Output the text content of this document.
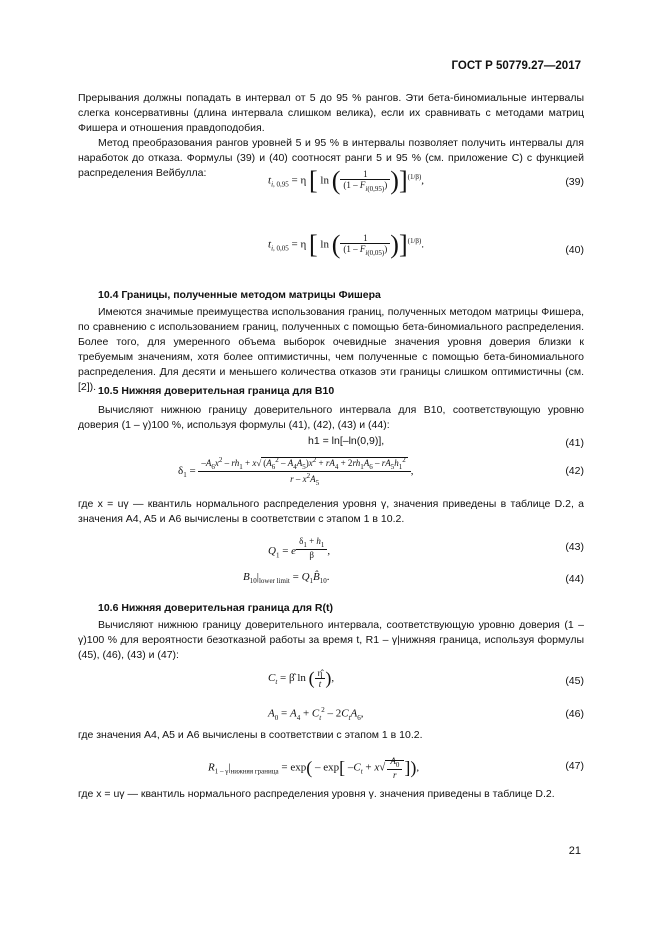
ГОСТ Р 50779.27—2017

Прерывания должны попадать в интервал от 5 до 95 % рангов. Эти бета-биномиальные интервалы слегка консервативны (длина интервала слишком велика), если их сравнивать с методами матриц Фишера и отношения правдоподобия.

Метод преобразования рангов уровней 5 и 95 % в интервалы позволяет получить интервалы для наработок до отказа. Формулы (39) и (40) соотносят ранги 5 и 95 % (см. приложение С) с функцией распределения Вейбулла:

$t_{i, 0,95} = \eta$ [ ln ( $\frac{1}{(1 - F_{i(0,95)})} )]^{(1/\beta)}$,	(39)
$t_{i, 0,05} = \eta$ [ ln ( $\frac{1}{(1 - F_{i(0,05)})} )]^{(1/\beta)}$.	(40)

10.4 Границы, полученные методом матрицы Фишера

Имеются значимые преимущества использования границ, полученных методом матрицы Фишера, по сравнению с использованием границ, полученных с помощью бета-биномиального распределения. Более того, для умеренного объема выборок очевидные значения уровня доверия близки к требуемым значениям, хотя более оптимистичны, чем полученные с помощью бета-биномиального распределения. Для десяти и меньшего количества отказов эти границы слишком оптимистичны (см. [2]). 10.5 Нижняя доверительная граница для B10

Вычисляют нижнюю границу доверительного интервала для B10, соответствующую уровню доверия (1 – γ)100 %, используя формулы (41), (42), (43) и (44):

h1 = ln[–ln(0,9)],	(41)
$\delta_1 = \frac{-A_6x^2 - rh_1 + x√ (A_6^2 - A_4A_5)x^2 + rA_4 + 2rh_1A_6 - rA_5h_1^2}{r - x^2A_5}$ ,	(42)

где x = uγ — квантиль нормального распределения уровня γ, значения приведены в таблице D.2, а значения A4, A5 и A6 вычислены в соответствии с этапом 1 в 10.2.

$Q_1 = e$ $^{\frac{\delta_1 + h_1}{\beta}}$ ,	(43)
$B_{10}|_{lower limit}$ = $Q_1B̂_{10}$.	(44)

10.6 Нижняя доверительная граница для R(t)

Вычисляют нижнюю границу доверительного интервала, соответствующую уровню доверия (1 – γ)100 % для вероятности безотказной работы за время t, R1 – γ|нижняя граница, используя формулы (45), (46), (43) и (47):

$C_t$ = β̂ ln ( $\frac{\etâ}{t}$ ),	(45)
$A_0 = A_4 + C_t^2 - 2C_tA_6$,	(46)

где значения A4, A5 и A6 вычислены в соответствии с этапом 1 в 10.2.

$R_{1 - \gamma}|_{нижняя граница} = \exp( - \exp$[ $-C_t + x√ \frac{A_0}{r}$ ]),	(47)

где x = uγ — квантиль нормального распределения уровня γ. значения приведены в таблице D.2.

21
